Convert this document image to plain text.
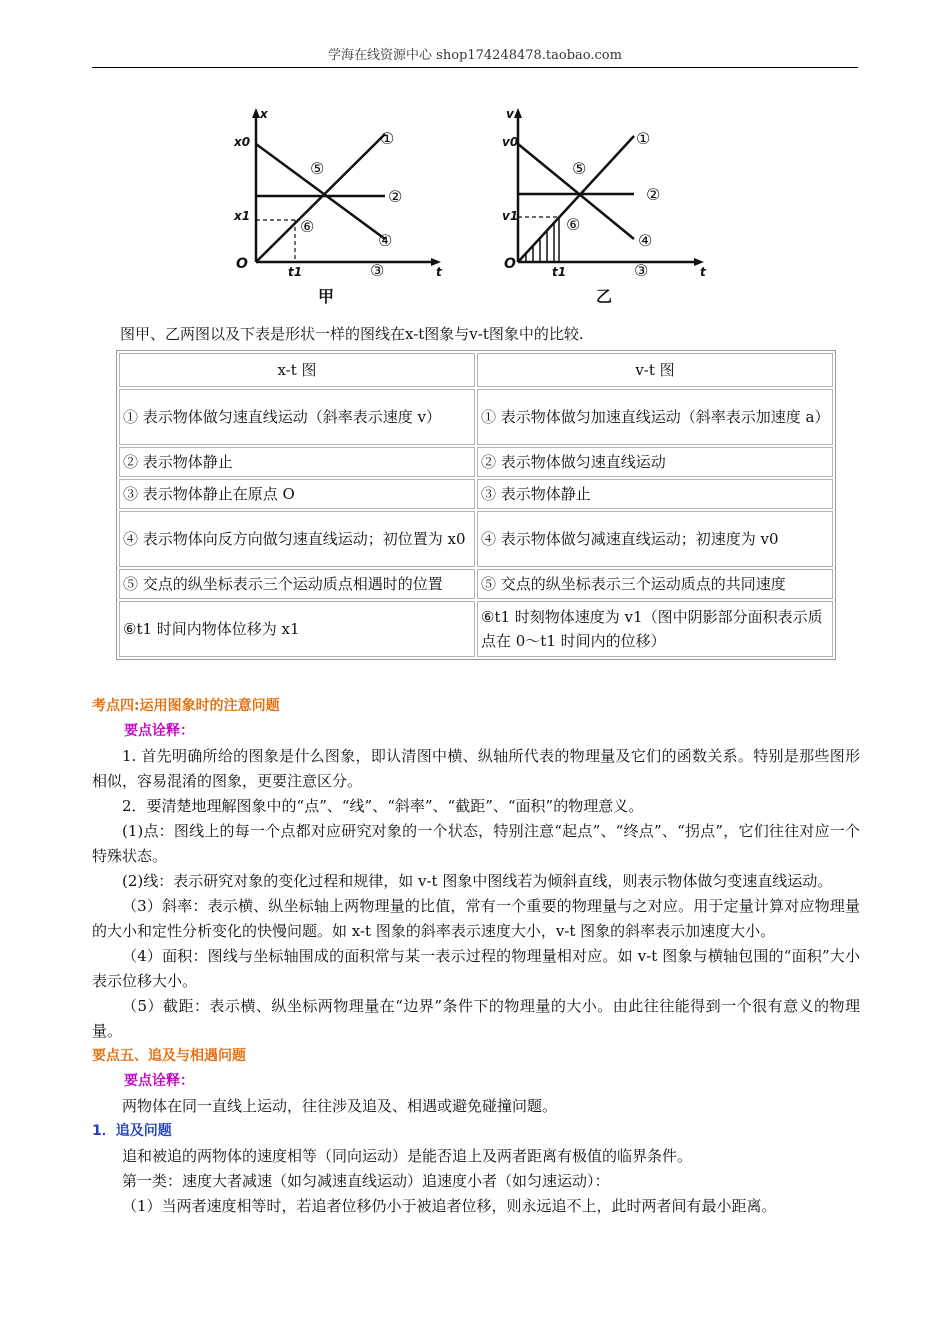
学海在线资源中心 shop174248478.taobao.com
x
x0
x1
O	t
t1
①
②
③
④
⑤
⑥
甲
v
v0
v1
O	t
t1
①
②
③
④
⑤
⑥
乙
图甲、乙两图以及下表是形状一样的图线在x-t图象与v-t图象中的比较.
x-t 图	v-t 图
① 表示物体做匀速直线运动（斜率表示速度 v）	① 表示物体做匀加速直线运动（斜率表示加速度 a）
② 表示物体静止	② 表示物体做匀速直线运动
③ 表示物体静止在原点 O	③ 表示物体静止
④ 表示物体向反方向做匀速直线运动；初位置为 x0	④ 表示物体做匀减速直线运动；初速度为 v0
⑤ 交点的纵坐标表示三个运动质点相遇时的位置	⑤ 交点的纵坐标表示三个运动质点的共同速度
⑥t1 时间内物体位移为 x1	⑥t1 时刻物体速度为 v1（图中阴影部分面积表示质点在 0～t1 时间内的位移）

考点四:运用图象时的注意问题

要点诠释：

1. 首先明确所给的图象是什么图象，即认清图中横、纵轴所代表的物理量及它们的函数关系。特别是那些图形相似，容易混淆的图象，更要注意区分。

2．要清楚地理解图象中的“点”、“线”、“斜率”、“截距”、“面积”的物理意义。

(1)点：图线上的每一个点都对应研究对象的一个状态，特别注意“起点”、“终点”、“拐点”，它们往往对应一个特殊状态。

(2)线：表示研究对象的变化过程和规律，如 v-t 图象中图线若为倾斜直线，则表示物体做匀变速直线运动。

（3）斜率：表示横、纵坐标轴上两物理量的比值，常有一个重要的物理量与之对应。用于定量计算对应物理量的大小和定性分析变化的快慢问题。如 x-t 图象的斜率表示速度大小，v-t 图象的斜率表示加速度大小。

（4）面积：图线与坐标轴围成的面积常与某一表示过程的物理量相对应。如 v-t 图象与横轴包围的“面积”大小表示位移大小。

（5）截距：表示横、纵坐标两物理量在“边界”条件下的物理量的大小。由此往往能得到一个很有意义的物理量。

要点五、追及与相遇问题

要点诠释：

两物体在同一直线上运动，往往涉及追及、相遇或避免碰撞问题。

1．追及问题

追和被追的两物体的速度相等（同向运动）是能否追上及两者距离有极值的临界条件。

第一类：速度大者减速（如匀减速直线运动）追速度小者（如匀速运动）：

（1）当两者速度相等时，若追者位移仍小于被追者位移，则永远追不上，此时两者间有最小距离。
